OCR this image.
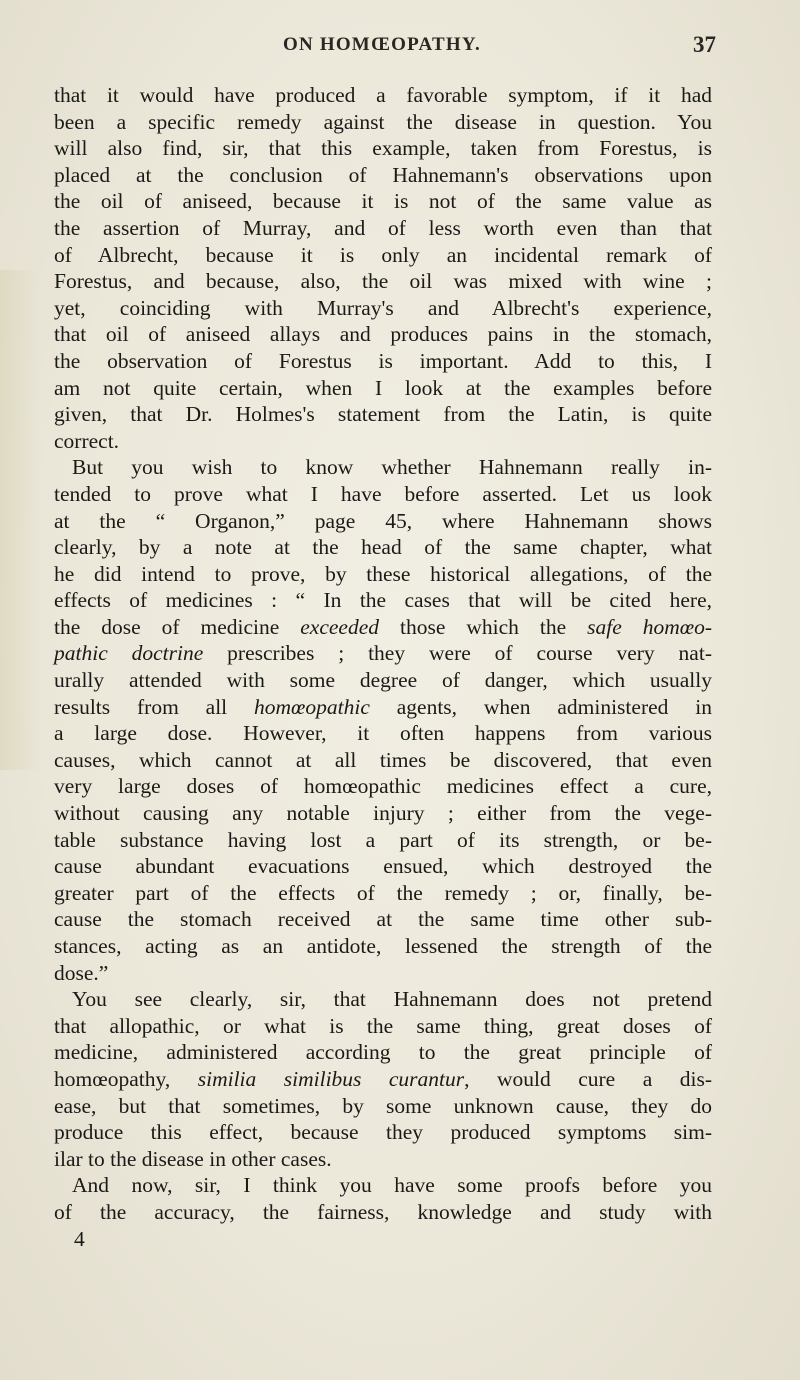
ON HOMŒOPATHY.	37
that it would have produced a favorable symptom, if it had
been a specific remedy against the disease in question. You
will also find, sir, that this example, taken from Forestus, is
placed at the conclusion of Hahnemann's observations upon
the oil of aniseed, because it is not of the same value as
the assertion of Murray, and of less worth even than that
of Albrecht, because it is only an incidental remark of
Forestus, and because, also, the oil was mixed with wine ;
yet, coinciding with Murray's and Albrecht's experience,
that oil of aniseed allays and produces pains in the stomach,
the observation of Forestus is important. Add to this, I
am not quite certain, when I look at the examples before
given, that Dr. Holmes's statement from the Latin, is quite
correct.
But you wish to know whether Hahnemann really in-
tended to prove what I have before asserted. Let us look
at the “ Organon,” page 45, where Hahnemann shows
clearly, by a note at the head of the same chapter, what
he did intend to prove, by these historical allegations, of the
effects of medicines : “ In the cases that will be cited here,
the dose of medicine exceeded those which the safe homœo-
pathic doctrine prescribes ; they were of course very nat-
urally attended with some degree of danger, which usually
results from all homœopathic agents, when administered in
a large dose. However, it often happens from various
causes, which cannot at all times be discovered, that even
very large doses of homœopathic medicines effect a cure,
without causing any notable injury ; either from the vege-
table substance having lost a part of its strength, or be-
cause abundant evacuations ensued, which destroyed the
greater part of the effects of the remedy ; or, finally, be-
cause the stomach received at the same time other sub-
stances, acting as an antidote, lessened the strength of the
dose.”
You see clearly, sir, that Hahnemann does not pretend
that allopathic, or what is the same thing, great doses of
medicine, administered according to the great principle of
homœopathy, similia similibus curantur, would cure a dis-
ease, but that sometimes, by some unknown cause, they do
produce this effect, because they produced symptoms sim-
ilar to the disease in other cases.
And now, sir, I think you have some proofs before you
of the accuracy, the fairness, knowledge and study with
4
